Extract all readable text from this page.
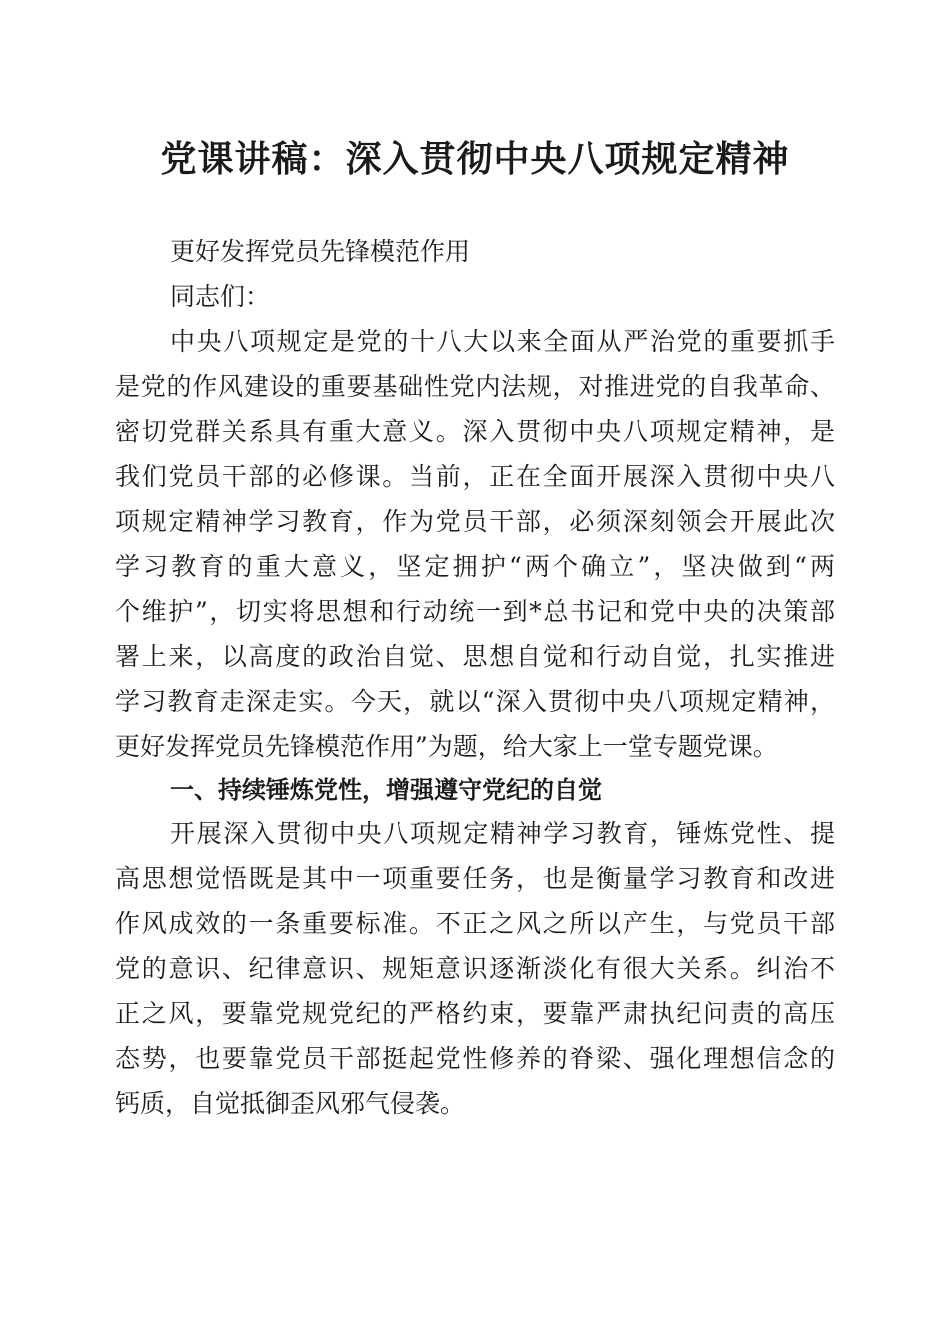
党课讲稿：深入贯彻中央八项规定精神

更好发挥党员先锋模范作用

同志们：

中央八项规定是党的十八大以来全面从严治党的重要抓手

是党的作风建设的重要基础性党内法规，对推进党的自我革命、

密切党群关系具有重大意义。深入贯彻中央八项规定精神，是

我们党员干部的必修课。当前，正在全面开展深入贯彻中央八

项规定精神学习教育，作为党员干部，必须深刻领会开展此次

学习教育的重大意义，坚定拥护“两个确立”，坚决做到“两

个维护”，切实将思想和行动统一到*总书记和党中央的决策部

署上来，以高度的政治自觉、思想自觉和行动自觉，扎实推进

学习教育走深走实。今天，就以“深入贯彻中央八项规定精神，

更好发挥党员先锋模范作用”为题，给大家上一堂专题党课。

一、持续锤炼党性，增强遵守党纪的自觉

开展深入贯彻中央八项规定精神学习教育，锤炼党性、提

高思想觉悟既是其中一项重要任务，也是衡量学习教育和改进

作风成效的一条重要标准。不正之风之所以产生，与党员干部

党的意识、纪律意识、规矩意识逐渐淡化有很大关系。纠治不

正之风，要靠党规党纪的严格约束，要靠严肃执纪问责的高压

态势，也要靠党员干部挺起党性修养的脊梁、强化理想信念的

钙质，自觉抵御歪风邪气侵袭。
